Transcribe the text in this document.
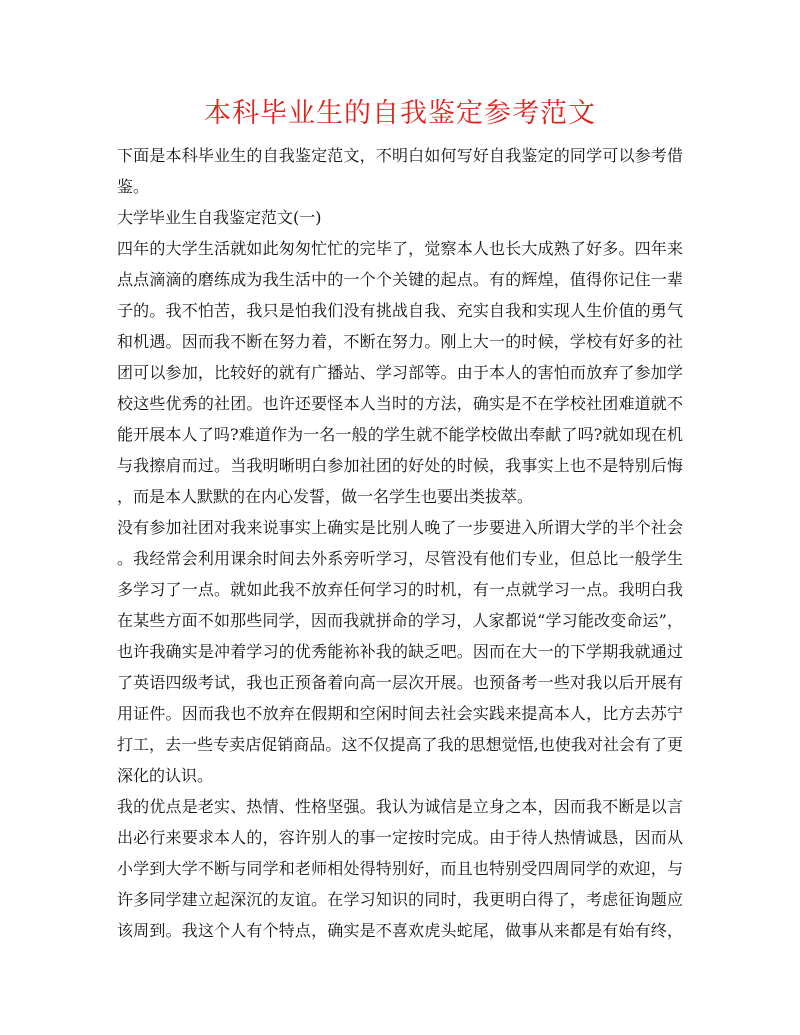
本科毕业生的自我鉴定参考范文
下面是本科毕业生的自我鉴定范文，不明白如何写好自我鉴定的同学可以参考借
鉴。
大学毕业生自我鉴定范文(一)
四年的大学生活就如此匆匆忙忙的完毕了，觉察本人也长大成熟了好多。四年来
点点滴滴的磨练成为我生活中的一个个关键的起点。有的辉煌，值得你记住一辈
子的。我不怕苦，我只是怕我们没有挑战自我、充实自我和实现人生价值的勇气
和机遇。因而我不断在努力着，不断在努力。刚上大一的时候，学校有好多的社
团可以参加，比较好的就有广播站、学习部等。由于本人的害怕而放弃了参加学
校这些优秀的社团。也许还要怪本人当时的方法，确实是不在学校社团难道就不
能开展本人了吗?难道作为一名一般的学生就不能学校做出奉献了吗?就如现在机
与我擦肩而过。当我明晰明白参加社团的好处的时候，我事实上也不是特别后悔
，而是本人默默的在内心发誓，做一名学生也要出类拔萃。
没有参加社团对我来说事实上确实是比别人晚了一步要进入所谓大学的半个社会
。我经常会利用课余时间去外系旁听学习，尽管没有他们专业，但总比一般学生
多学习了一点。就如此我不放弃任何学习的时机，有一点就学习一点。我明白我
在某些方面不如那些同学，因而我就拼命的学习，人家都说“学习能改变命运”，
也许我确实是冲着学习的优秀能袮补我的缺乏吧。因而在大一的下学期我就通过
了英语四级考试，我也正预备着向高一层次开展。也预备考一些对我以后开展有
用证件。因而我也不放弃在假期和空闲时间去社会实践来提高本人，比方去苏宁
打工，去一些专卖店促销商品。这不仅提高了我的思想觉悟,也使我对社会有了更
深化的认识。
我的优点是老实、热情、性格坚强。我认为诚信是立身之本，因而我不断是以言
出必行来要求本人的，容许别人的事一定按时完成。由于待人热情诚恳，因而从
小学到大学不断与同学和老师相处得特别好，而且也特别受四周同学的欢迎，与
许多同学建立起深沉的友谊。在学习知识的同时，我更明白得了，考虑征询题应
该周到。我这个人有个特点，确实是不喜欢虎头蛇尾，做事从来都是有始有终，
